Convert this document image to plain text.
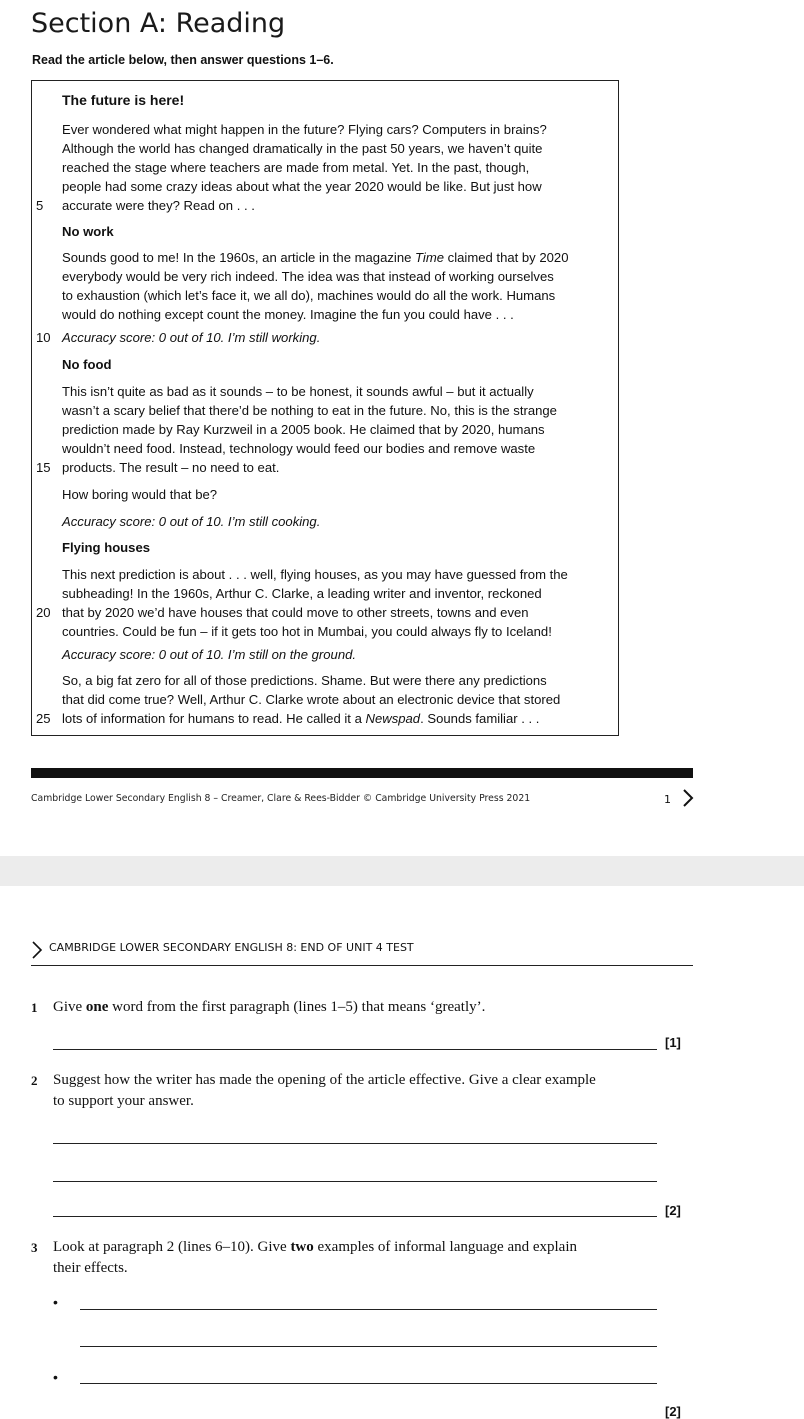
Section A: Reading
Read the article below, then answer questions 1–6.
The future is here!
Ever wondered what might happen in the future? Flying cars? Computers in brains?
Although the world has changed dramatically in the past 50 years, we haven’t quite
reached the stage where teachers are made from metal. Yet. In the past, though,
people had some crazy ideas about what the year 2020 would be like. But just how
5	accurate were they? Read on . . .
No work
Sounds good to me! In the 1960s, an article in the magazine Time claimed that by 2020
everybody would be very rich indeed. The idea was that instead of working ourselves
to exhaustion (which let’s face it, we all do), machines would do all the work. Humans
would do nothing except count the money. Imagine the fun you could have . . .
10 Accuracy score: 0 out of 10. I’m still working.
No food
This isn’t quite as bad as it sounds – to be honest, it sounds awful – but it actually
wasn’t a scary belief that there’d be nothing to eat in the future. No, this is the strange
prediction made by Ray Kurzweil in a 2005 book. He claimed that by 2020, humans
wouldn’t need food. Instead, technology would feed our bodies and remove waste
15 products. The result – no need to eat.
How boring would that be?
Accuracy score: 0 out of 10. I’m still cooking.
Flying houses
This next prediction is about . . . well, flying houses, as you may have guessed from the
subheading! In the 1960s, Arthur C. Clarke, a leading writer and inventor, reckoned
20 that by 2020 we’d have houses that could move to other streets, towns and even
countries. Could be fun – if it gets too hot in Mumbai, you could always fly to Iceland!
Accuracy score: 0 out of 10. I’m still on the ground.
So, a big fat zero for all of those predictions. Shame. But were there any predictions
that did come true? Well, Arthur C. Clarke wrote about an electronic device that stored
25 lots of information for humans to read. He called it a Newspad. Sounds familiar . . .
Cambridge Lower Secondary English 8 – Creamer, Clare & Rees-Bidder © Cambridge University Press 2021	1
CAMBRIDGE LOWER SECONDARY ENGLISH 8: END OF UNIT 4 TEST
1 Give one word from the first paragraph (lines 1–5) that means ‘greatly’.
[1]
2 Suggest how the writer has made the opening of the article effective. Give a clear example
to support your answer.
[2]
3 Look at paragraph 2 (lines 6–10). Give two examples of informal language and explain
their effects.
•
•
[2]
